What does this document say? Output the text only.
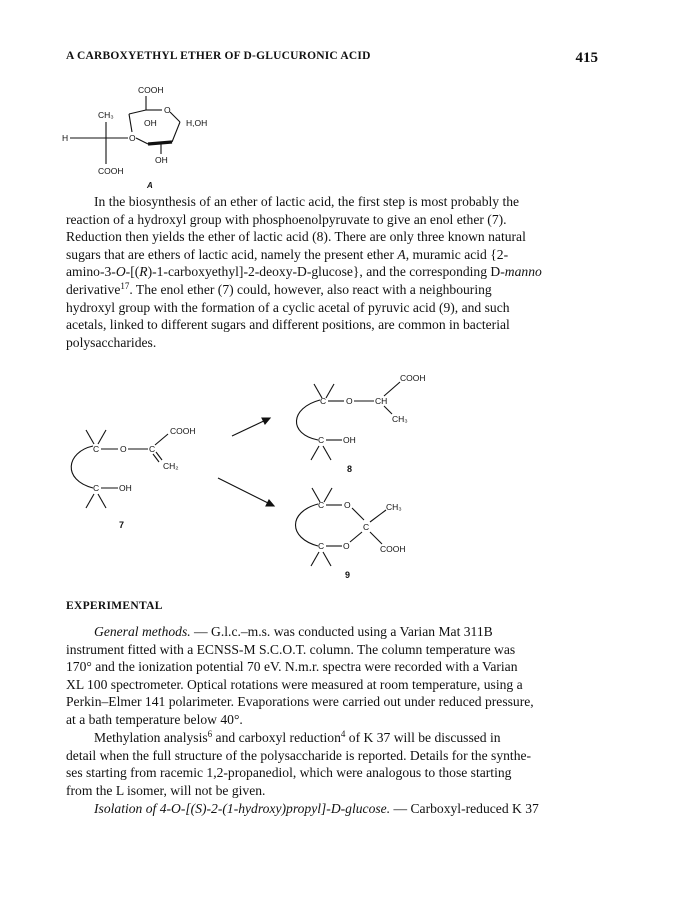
A CARBOXYETHYL ETHER OF D-GLUCURONIC ACID	415
COOH
O
OH	H,OH
CH₃
H	O
OH
COOH
A

In the biosynthesis of an ether of lactic acid, the first step is most probably the
reaction of a hydroxyl group with phosphoenolpyruvate to give an enol ether (7).
Reduction then yields the ether of lactic acid (8). There are only three known natural
sugars that are ethers of lactic acid, namely the present ether A, muramic acid {2-
amino-3-O-[(R)-1-carboxyethyl]-2-deoxy-D-glucose}, and the corresponding D-manno
derivative$^{17}$. The enol ether (7) could, however, also react with a neighbouring
hydroxyl group with the formation of a cyclic acetal of pyruvic acid (9), and such
acetals, linked to different sugars and different positions, are common in bacterial
polysaccharides.

C O	C
COOH
CH₂
C OH
7
C O	CH
COOH
CH₃
C OH
8
C O
C
CH₃
COOH
C O
9
EXPERIMENTAL

General methods. — G.l.c.–m.s. was conducted using a Varian Mat 311B
instrument fitted with a ECNSS-M S.C.O.T. column. The column temperature was
170° and the ionization potential 70 eV. N.m.r. spectra were recorded with a Varian
XL 100 spectrometer. Optical rotations were measured at room temperature, using a
Perkin–Elmer 141 polarimeter. Evaporations were carried out under reduced pressure,
at a bath temperature below 40°.

Methylation analysis$^6$ and carboxyl reduction$^4$ of K 37 will be discussed in
detail when the full structure of the polysaccharide is reported. Details for the synthe-
ses starting from racemic 1,2-propanediol, which were analogous to those starting
from the L isomer, will not be given.

Isolation of 4-O-[(S)-2-(1-hydroxy)propyl]-D-glucose. — Carboxyl-reduced K 37
